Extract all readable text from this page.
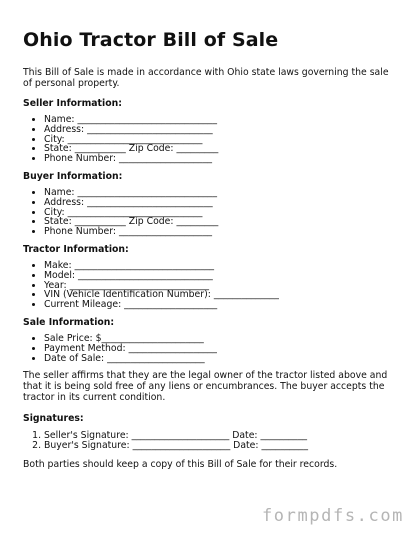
Ohio Tractor Bill of Sale

This Bill of Sale is made in accordance with Ohio state laws governing the sale of personal property.

Seller Information:
• Name: ______________________________
• Address: ___________________________
• City: _____________________________
• State: ___________ Zip Code: _________
• Phone Number: ____________________
Buyer Information:
• Name: ______________________________
• Address: ___________________________
• City: _____________________________
• State: ___________ Zip Code: _________
• Phone Number: ____________________
Tractor Information:
• Make: ______________________________
• Model: _____________________________
• Year: ______________________________
• VIN (Vehicle Identification Number): ______________
• Current Mileage: ____________________
Sale Information:
• Sale Price: $______________________
• Payment Method: ___________________
• Date of Sale: _____________________

The seller affirms that they are the legal owner of the tractor listed above and that it is being sold free of any liens or encumbrances. The buyer accepts the tractor in its current condition.

Signatures:
1. Seller's Signature: _____________________ Date: __________
2. Buyer's Signature: _____________________ Date: __________

Both parties should keep a copy of this Bill of Sale for their records.

formpdfs.com
